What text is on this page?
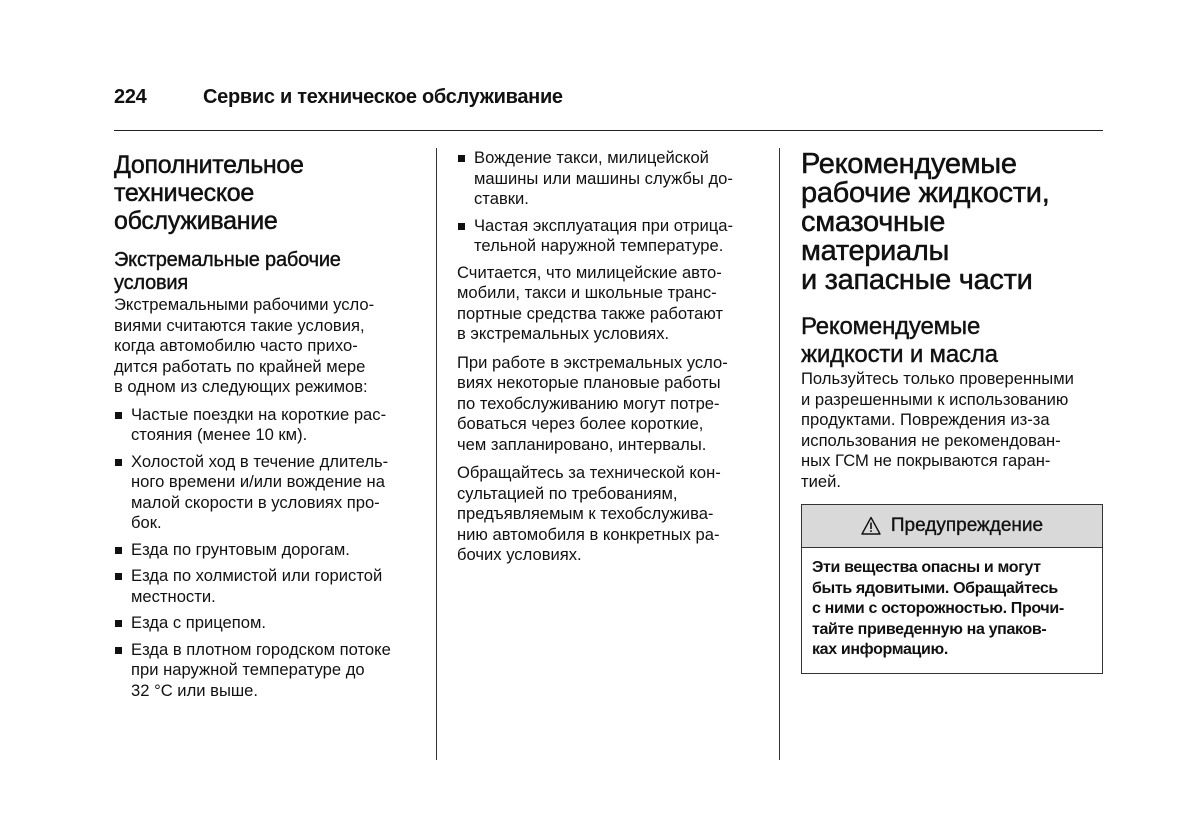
224	Сервис и техническое обслуживание
Дополнительное
техническое
обслуживание
Экстремальные рабочие
условия

Экстремальными рабочими усло-
виями считаются такие условия,
когда автомобилю часто прихо-
дится работать по крайней мере
в одном из следующих режимов:

Частые поездки на короткие рас-
стояния (менее 10 км).
Холостой ход в течение длитель-
ного времени и/или вождение на
малой скорости в условиях про-
бок.
Езда по грунтовым дорогам.
Езда по холмистой или гористой
местности.
Езда с прицепом.
Езда в плотном городском потоке
при наружной температуре до
32 °С или выше.
Вождение такси, милицейской
машины или машины службы до-
ставки.
Частая эксплуатация при отрица-
тельной наружной температуре.

Считается, что милицейские авто-
мобили, такси и школьные транс-
портные средства также работают
в экстремальных условиях.

При работе в экстремальных усло-
виях некоторые плановые работы
по техобслуживанию могут потре-
боваться через более короткие,
чем запланировано, интервалы.

Обращайтесь за технической кон-
сультацией по требованиям,
предъявляемым к техобслужива-
нию автомобиля в конкретных ра-
бочих условиях.

Рекомендуемые
рабочие жидкости,
смазочные
материалы
и запасные части
Рекомендуемые
жидкости и масла

Пользуйтесь только проверенными
и разрешенными к использованию
продуктами. Повреждения из-за
использования не рекомендован-
ных ГСМ не покрываются гаран-
тией.

Предупреждение
Эти вещества опасны и могут
быть ядовитыми. Обращайтесь
с ними с осторожностью. Прочи-
тайте приведенную на упаков-
ках информацию.
